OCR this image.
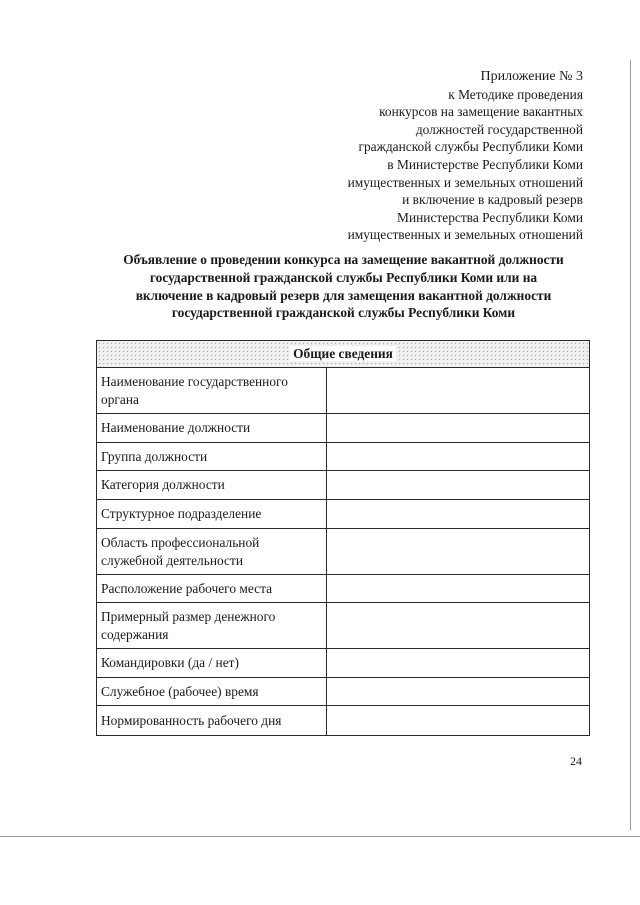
Приложение № 3
к Методике проведения
конкурсов на замещение вакантных
должностей государственной
гражданской службы Республики Коми
в Министерстве Республики Коми
имущественных и земельных отношений
и включение в кадровый резерв
Министерства Республики Коми
имущественных и земельных отношений
Объявление о проведении конкурса на замещение вакантной должности
государственной гражданской службы Республики Коми или на
включение в кадровый резерв для замещения вакантной должности
государственной гражданской службы Республики Коми
Общие сведения	
Наименование государственного органа	
Наименование должности	
Группа должности	
Категория должности	
Структурное подразделение	
Область профессиональной служебной деятельности	
Расположение рабочего места	
Примерный размер денежного содержания	
Командировки (да / нет)	
Служебное (рабочее) время	
Нормированность рабочего дня	
24
